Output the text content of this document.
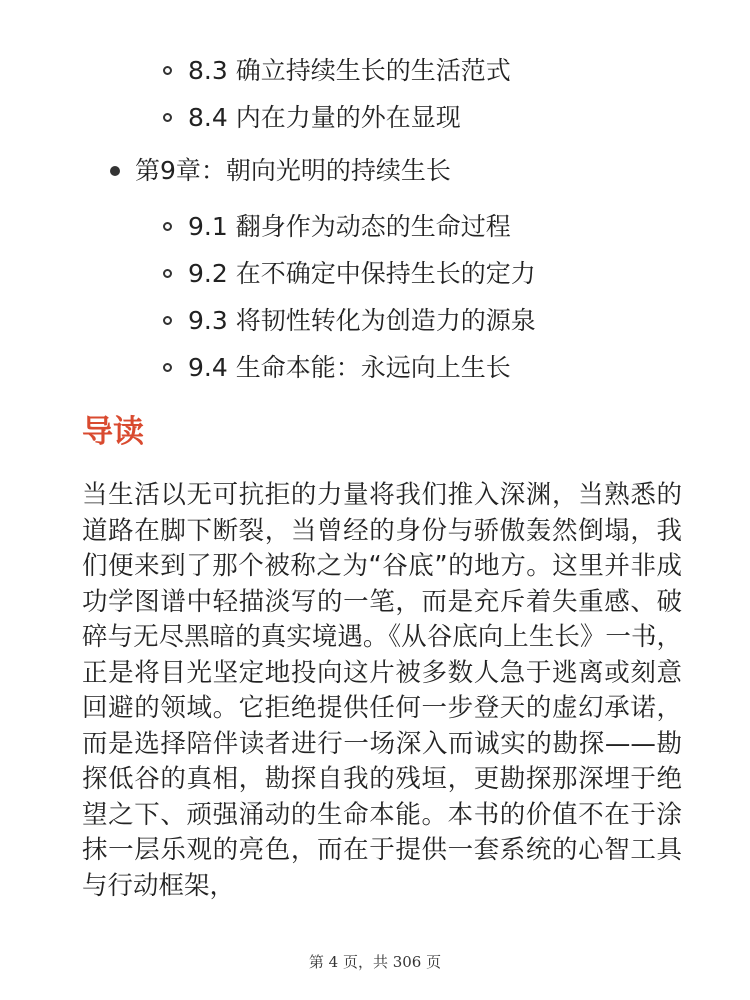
8.3 确立持续生长的生活范式
8.4 内在力量的外在显现
第9章：朝向光明的持续生长
9.1 翻身作为动态的生命过程
9.2 在不确定中保持生长的定力
9.3 将韧性转化为创造力的源泉
9.4 生命本能：永远向上生长
导读

当生活以无可抗拒的力量将我们推入深渊，当熟悉的道路在脚下断裂，当曾经的身份与骄傲轰然倒塌，我们便来到了那个被称之为“谷底”的地方。这里并非成功学图谱中轻描淡写的一笔，而是充斥着失重感、破碎与无尽黑暗的真实境遇。《从谷底向上生长》一书，正是将目光坚定地投向这片被多数人急于逃离或刻意回避的领域。它拒绝提供任何一步登天的虚幻承诺，而是选择陪伴读者进行一场深入而诚实的勘探——勘探低谷的真相，勘探自我的残垣，更勘探那深埋于绝望之下、顽强涌动的生命本能。本书的价值不在于涂抹一层乐观的亮色，而在于提供一套系统的心智工具与行动框架，

第 4 页，共 306 页
